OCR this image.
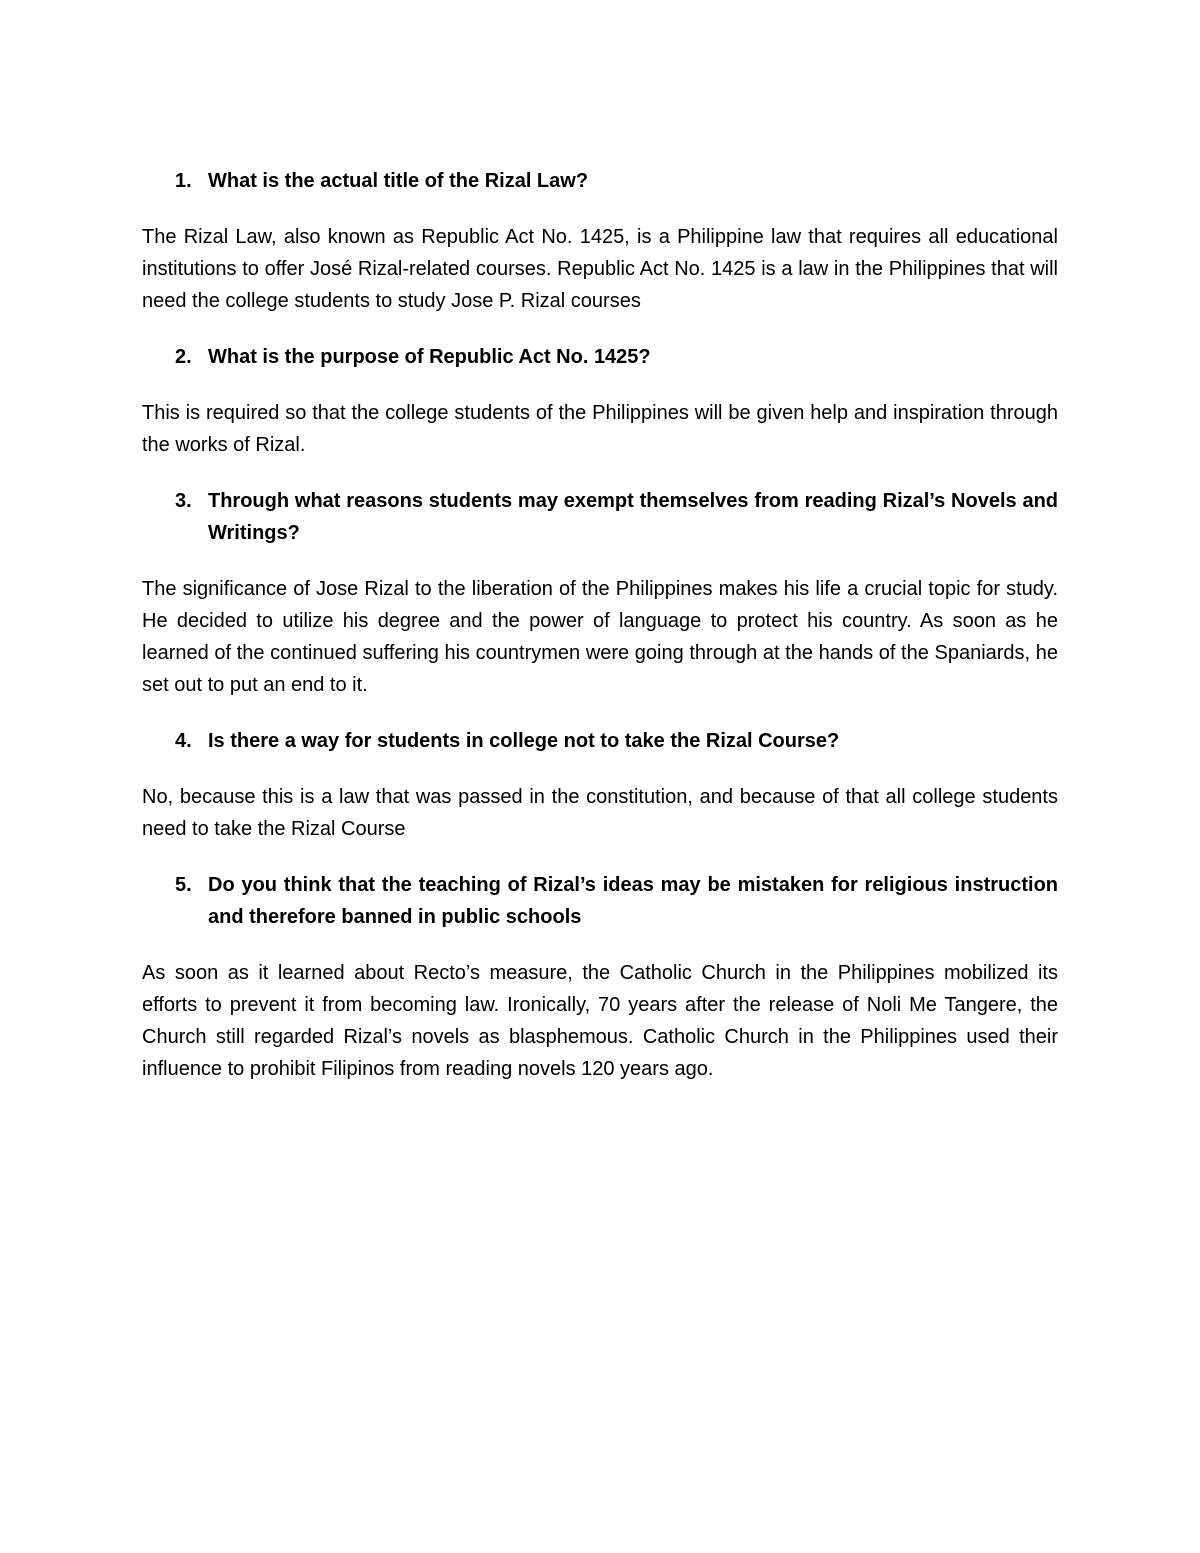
1. What is the actual title of the Rizal Law?

The Rizal Law, also known as Republic Act No. 1425, is a Philippine law that requires all educational institutions to offer José Rizal-related courses. Republic Act No. 1425 is a law in the Philippines that will need the college students to study Jose P. Rizal courses

2. What is the purpose of Republic Act No. 1425?

This is required so that the college students of the Philippines will be given help and inspiration through the works of Rizal.

3. Through what reasons students may exempt themselves from reading Rizal’s Novels and Writings?

The significance of Jose Rizal to the liberation of the Philippines makes his life a crucial topic for study. He decided to utilize his degree and the power of language to protect his country. As soon as he learned of the continued suffering his countrymen were going through at the hands of the Spaniards, he set out to put an end to it.

4. Is there a way for students in college not to take the Rizal Course?

No, because this is a law that was passed in the constitution, and because of that all college students need to take the Rizal Course

5. Do you think that the teaching of Rizal’s ideas may be mistaken for religious instruction and therefore banned in public schools

As soon as it learned about Recto’s measure, the Catholic Church in the Philippines mobilized its efforts to prevent it from becoming law. Ironically, 70 years after the release of Noli Me Tangere, the Church still regarded Rizal’s novels as blasphemous. Catholic Church in the Philippines used their influence to prohibit Filipinos from reading novels 120 years ago.
